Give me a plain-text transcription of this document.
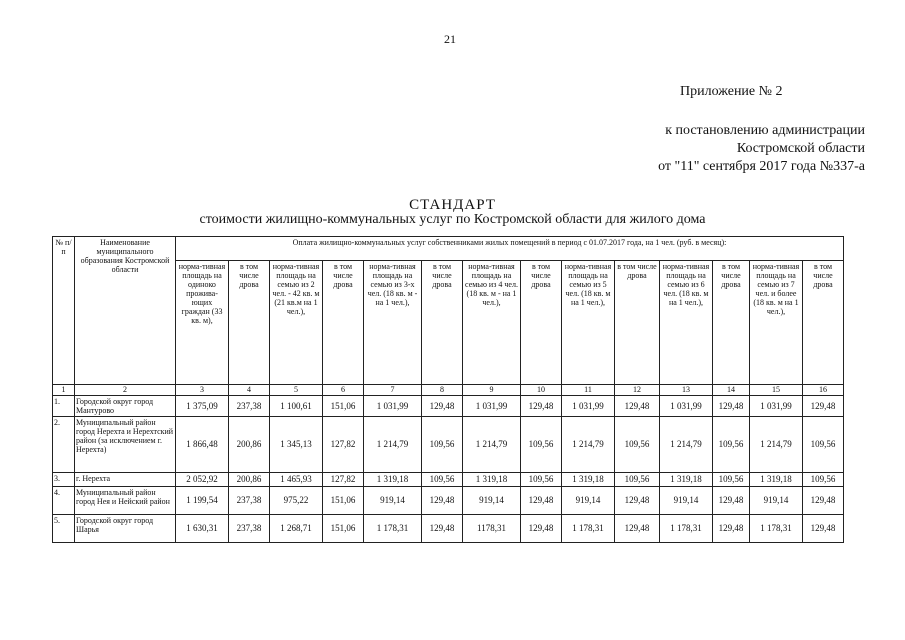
21
Приложение № 2
к постановлению администрации
Костромской области
от "11" сентября 2017 года №337-а
СТАНДАРТ
стоимости жилищно-коммунальных услуг по Костромской области для жилого дома
№ п/п	Наименование муниципального образования Костромской области	Оплата жилищно-коммунальных услуг собственниками жилых помещений в период с 01.07.2017 года, на 1 чел. (руб. в месяц):													
		норма-тивная площадь на одиноко прожива-ющих граждан (33 кв. м),	в том числе дрова	норма-тивная площадь на семью из 2 чел. - 42 кв. м (21 кв.м на 1 чел.),	в том числе дрова	норма-тивная площадь на семью из 3-х чел. (18 кв. м - на 1 чел.),	в том числе дрова	норма-тивная площадь на семью из 4 чел. (18 кв. м - на 1 чел.),	в том числе дрова	норма-тивная площадь на семью из 5 чел. (18 кв. м на 1 чел.),	в том числе дрова	норма-тивная площадь на семью из 6 чел. (18 кв. м на 1 чел.),	в том числе дрова	норма-тивная площадь на семью из 7 чел. и более (18 кв. м на 1 чел.),	в том числе дрова
1	2	3	4	5	6	7	8	9	10	11	12	13	14	15	16
1.	Городской округ город Мантурово	1 375,09	237,38	1 100,61	151,06	1 031,99	129,48	1 031,99	129,48	1 031,99	129,48	1 031,99	129,48	1 031,99	129,48
2.	Муниципальный район город Нерехта и Нерехтский район (за исключением г. Нерехта)	1 866,48	200,86	1 345,13	127,82	1 214,79	109,56	1 214,79	109,56	1 214,79	109,56	1 214,79	109,56	1 214,79	109,56
3.	г. Нерехта	2 052,92	200,86	1 465,93	127,82	1 319,18	109,56	1 319,18	109,56	1 319,18	109,56	1 319,18	109,56	1 319,18	109,56
4.	Муниципальный район город Нея и Нейский район	1 199,54	237,38	975,22	151,06	919,14	129,48	919,14	129,48	919,14	129,48	919,14	129,48	919,14	129,48
5.	Городской округ город Шарья	1 630,31	237,38	1 268,71	151,06	1 178,31	129,48	1178,31	129,48	1 178,31	129,48	1 178,31	129,48	1 178,31	129,48
